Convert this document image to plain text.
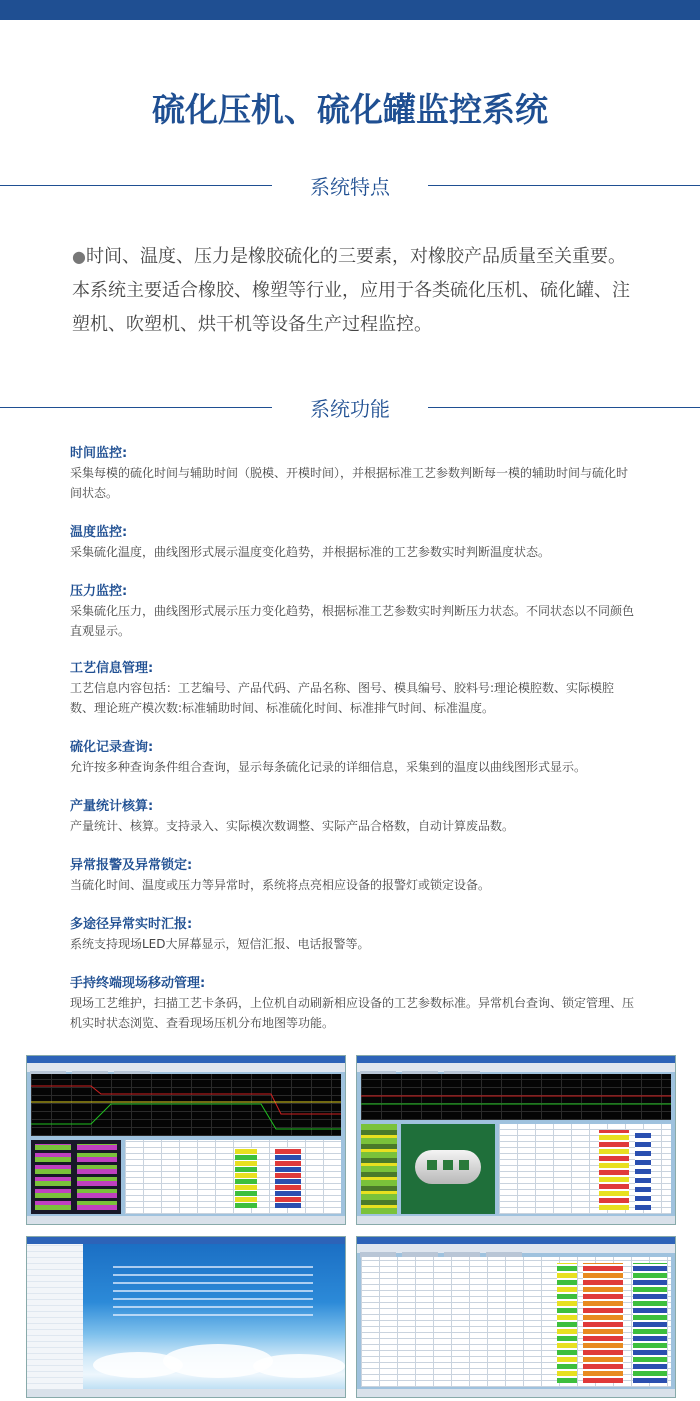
硫化压机、硫化罐监控系统
系统特点
●时间、温度、压力是橡胶硫化的三要素，对橡胶产品质量至关重要。本系统主要适合橡胶、橡塑等行业，应用于各类硫化压机、硫化罐、注塑机、吹塑机、烘干机等设备生产过程监控。
系统功能
时间监控:
采集每模的硫化时间与辅助时间（脱模、开模时间），并根据标准工艺参数判断每一模的辅助时间与硫化时间状态。
温度监控:
采集硫化温度，曲线图形式展示温度变化趋势，并根据标准的工艺参数实时判断温度状态。
压力监控:
采集硫化压力，曲线图形式展示压力变化趋势，根据标准工艺参数实时判断压力状态。不同状态以不同颜色直观显示。
工艺信息管理:
工艺信息内容包括：工艺编号、产品代码、产品名称、图号、模具编号、胶料号:理论模腔数、实际模腔数、理论班产模次数:标准辅助时间、标准硫化时间、标准排气时间、标准温度。
硫化记录查询:
允许按多种查询条件组合查询，显示每条硫化记录的详细信息，采集到的温度以曲线图形式显示。
产量统计核算:
产量统计、核算。支持录入、实际模次数调整、实际产品合格数，自动计算废品数。
异常报警及异常锁定:
当硫化时间、温度或压力等异常时，系统将点亮相应设备的报警灯或锁定设备。
多途径异常实时汇报:
系统支持现场LED大屏幕显示，短信汇报、电话报警等。
手持终端现场移动管理:
现场工艺维护，扫描工艺卡条码，上位机自动刷新相应设备的工艺参数标准。异常机台查询、锁定管理、压机实时状态浏览、查看现场压机分布地图等功能。
